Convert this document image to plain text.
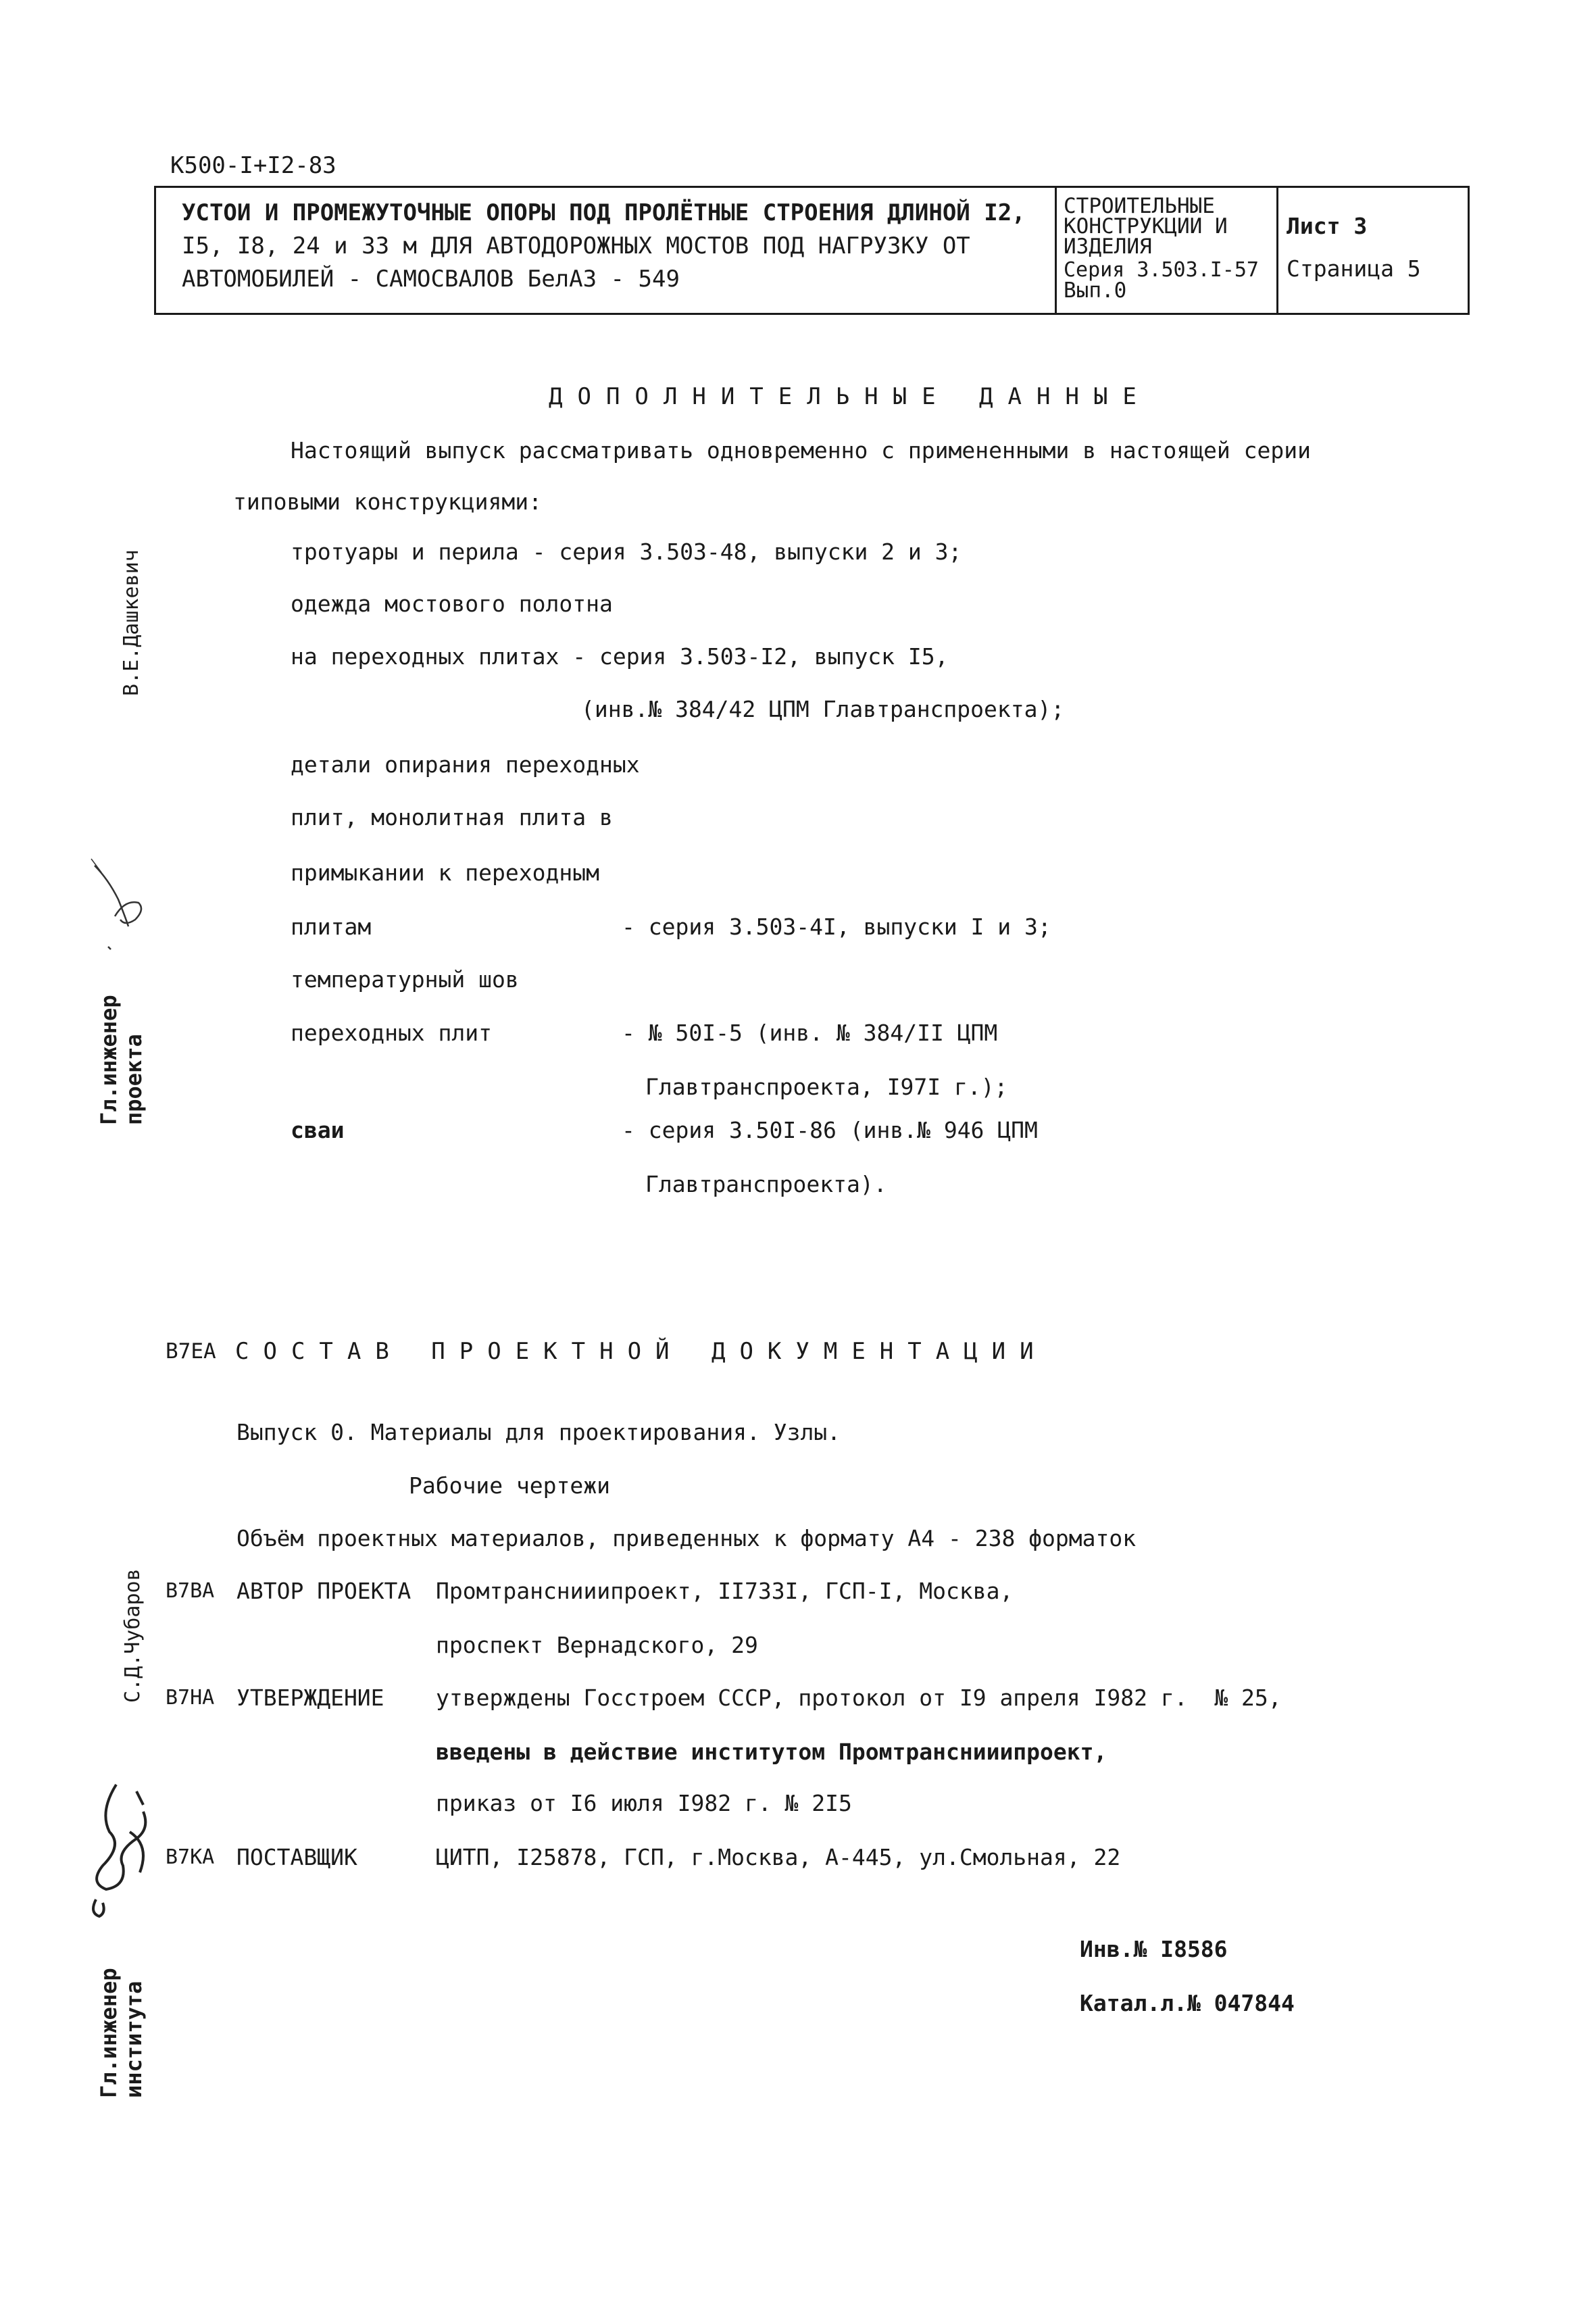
К500-I+I2-83
УСТОИ И ПРОМЕЖУТОЧНЫЕ ОПОРЫ ПОД ПРОЛЁТНЫЕ СТРОЕНИЯ ДЛИНОЙ I2,
I5, I8, 24 и 33 м ДЛЯ АВТОДОРОЖНЫХ МОСТОВ ПОД НАГРУЗКУ ОТ
АВТОМОБИЛЕЙ - САМОСВАЛОВ БелАЗ - 549

СТРОИТЕЛЬНЫЕ
КОНСТРУКЦИИ И
ИЗДЕЛИЯ
Серия 3.503.I-57
Вып.0

Лист 3
Страница 5
ДОПОЛНИТЕЛЬНЫЕ ДАННЫЕ
Настоящий выпуск рассматривать одновременно с примененными в настоящей серии
типовыми конструкциями:
тротуары и перила - серия 3.503-48, выпуски 2 и 3;
одежда мостового полотна
на переходных плитах - серия 3.503-I2, выпуск I5,
(инв.№ 384/42 ЦПМ Главтранспроекта);
детали опирания переходных
плит, монолитная плита в
примыкании к переходным
плитам	- серия 3.503-4I, выпуски I и 3;
температурный шов
переходных плит	- № 50I-5 (инв. № 384/II ЦПМ
Главтранспроекта, I97I г.);
сваи	- серия 3.50I-86 (инв.№ 946 ЦПМ
Главтранспроекта).
В7ЕА СОСТАВ ПРОЕКТНОЙ ДОКУМЕНТАЦИИ
Выпуск 0. Материалы для проектирования. Узлы.
Рабочие чертежи
Объём проектных материалов, приведенных к формату А4 - 238 форматок
В7ВА АВТОР ПРОЕКТА Промтранснииипроект, II733I, ГСП-I, Москва,
проспект Вернадского, 29
В7НА УТВЕРЖДЕНИЕ утверждены Госстроем СССР, протокол от I9 апреля I982 г.  № 25,
введены в действие институтом Промтранснииипроект,
приказ от I6 июля I982 г. № 2I5
В7КА ПОСТАВЩИК	ЦИТП, I25878, ГСП, г.Москва, А-445, ул.Смольная, 22
Инв.№ I8586
Катал.л.№ 047844
В.Е.Дашкевич
Гл.инженер проекта
С.Д.Чубаров
Гл.инженер института
